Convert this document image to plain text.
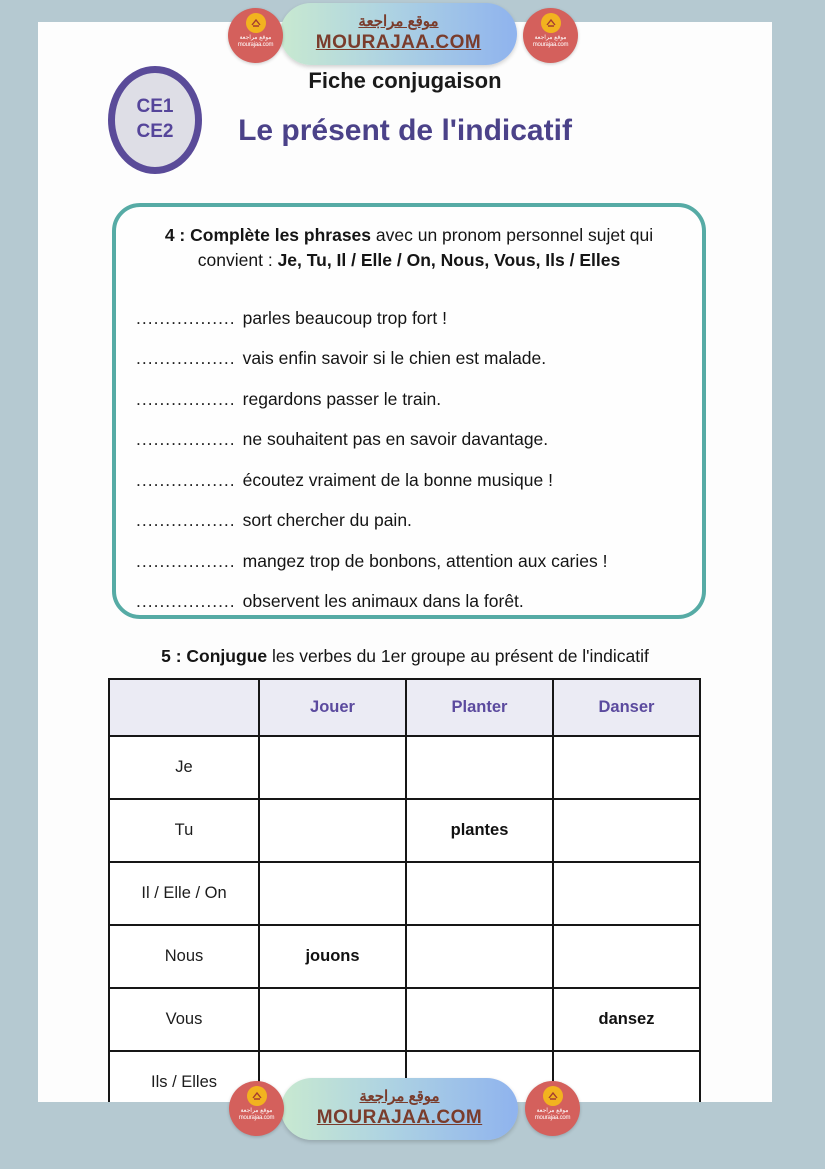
CE1
CE2
Fiche conjugaison
Le présent de l'indicatif
4 : Complète les phrases avec un pronom personnel sujet qui
convient : Je, Tu, Il / Elle / On, Nous, Vous, Ils / Elles
................. parles beaucoup trop fort !
................. vais enfin savoir si le chien est malade.
................. regardons passer le train.
................. ne souhaitent pas en savoir davantage.
................. écoutez vraiment de la bonne musique !
................. sort chercher du pain.
................. mangez trop de bonbons, attention aux caries !
................. observent les animaux dans la forêt.
5 : Conjugue les verbes du 1er groupe au présent de l'indicatif
	Jouer	Planter	Danser
Je			
Tu		plantes	
Il / Elle / On			
Nous	jouons		
Vous			dansez
Ils / Elles			
موقع مراجعة
mourajaa.com
موقع مراجعة
MOURAJAA.COM	موقع مراجعة
mourajaa.com
موقع مراجعة
mourajaa.com
موقع مراجعة
MOURAJAA.COM	موقع مراجعة
mourajaa.com
